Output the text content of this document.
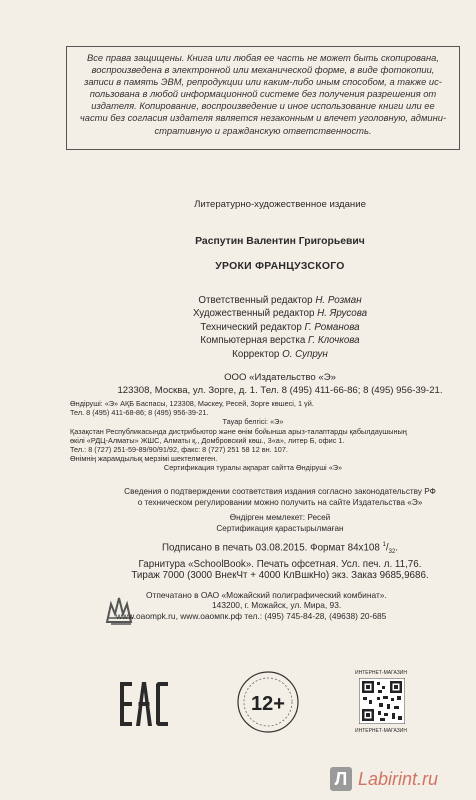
Все права защищены. Книга или любая ее часть не может быть скопирована,
воспроизведена в электронной или механической форме, в виде фотокопии,
записи в память ЭВМ, репродукции или каким-либо иным способом, а также ис-
пользована в любой информационной системе без получения разрешения от
издателя. Копирование, воспроизведение и иное использование книги или ее
части без согласия издателя является незаконным и влечет уголовную, админи-
стративную и гражданскую ответственность.
Литературно-художественное издание
Распутин Валентин Григорьевич
УРОКИ ФРАНЦУЗСКОГО
Ответственный редактор Н. Розман
Художественный редактор Н. Ярусова
Технический редактор Г. Романова
Компьютерная верстка Г. Клочкова
Корректор О. Супрун
ООО «Издательство «Э»
123308, Москва, ул. Зорге, д. 1. Тел. 8 (495) 411-66-86; 8 (495) 956-39-21.
Өндіруші: «Э» АҚБ Баспасы, 123308, Мәскеу, Ресей, Зорге көшесі, 1 үй.
Тел. 8 (495) 411-68-86; 8 (495) 956-39-21.
Тауар белгісі: «Э»
Қазақстан Республикасында дистрибьютор және өнім бойынша арыз-талаптарды қабылдаушының
өкілі «РДЦ-Алматы» ЖШС, Алматы қ., Домбровский көш., 3«а», литер Б, офис 1.
Тел.: 8 (727) 251-59-89/90/91/92, факс: 8 (727) 251 58 12 вн. 107.
Өнімнің жарамдылық мерзімі шектелмеген.
Сертификация туралы ақпарат сайтта Өндіруші «Э»
Сведения о подтверждении соответствия издания согласно законодательству РФ
о техническом регулировании можно получить на сайте Издательства «Э»
Өндірген мемлекет: Ресей
Сертификация қарастырылмаған
Подписано в печать 03.08.2015. Формат 84x108 $^1/_{32}$.
Гарнитура «SchoolBook». Печать офсетная. Усл. печ. л. 11,76.
Тираж 7000 (3000 ВнекЧт + 4000 КлВшкНо) экз. Заказ 9685,9686.
Отпечатано в ОАО «Можайский полиграфический комбинат».
143200, г. Можайск, ул. Мира, 93.
www.oaompk.ru, www.оаомпк.рф тел.: (495) 745-84-28, (49638) 20-685
12+
ИНТЕРНЕТ-МАГАЗИН
ИНТЕРНЕТ-МАГАЗИН
Л Labirint.ru
